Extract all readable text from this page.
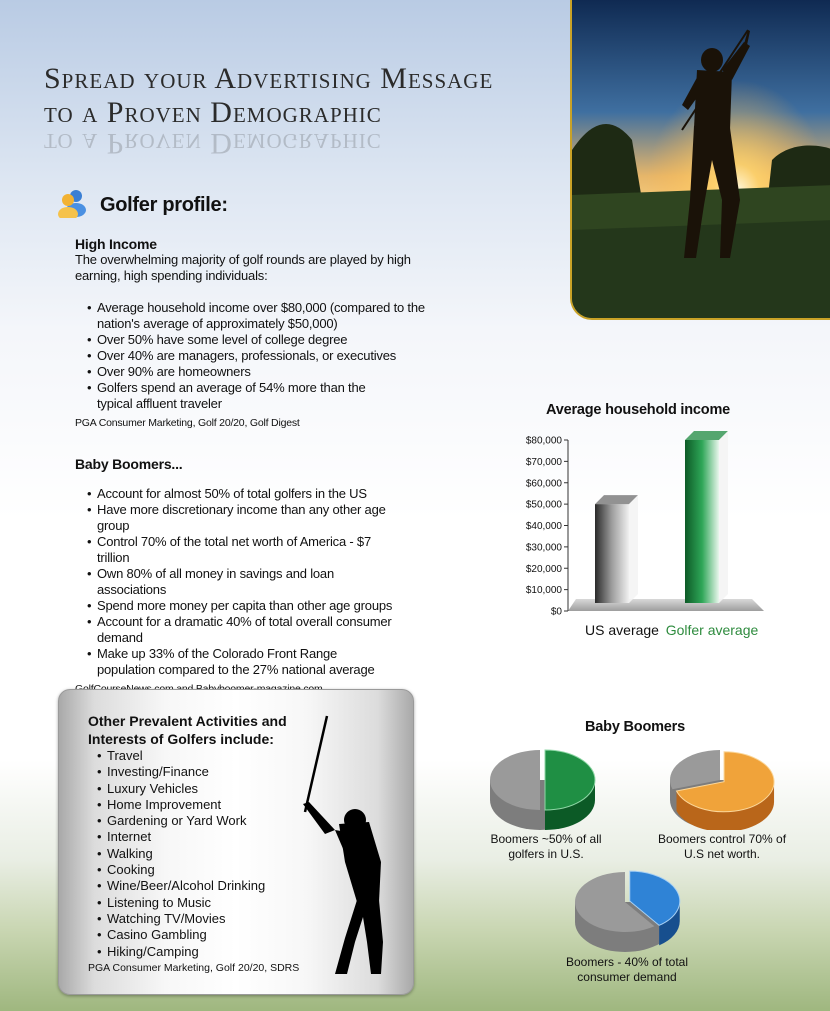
Spread your Advertising Message
to a Proven Demographic
to a Proven Demographic
Golfer profile:
High Income

The overwhelming majority of golf rounds are played by high earning, high spending individuals:

• Average household income over $80,000 (compared to the nation's average of approximately $50,000)
• Over 50% have some level of college degree
• Over 40% are managers, professionals, or executives
• Over 90% are homeowners
• Golfers spend an average of 54% more than the typical affluent traveler
PGA Consumer Marketing, Golf 20/20, Golf Digest
Baby Boomers...
• Account for almost 50% of total golfers in the US
• Have more discretionary income than any other age group
• Control 70% of the total net worth of America - $7 trillion
• Own 80% of all money in savings and loan associations
• Spend more money per capita than other age groups
• Account for a dramatic 40% of total overall consumer demand
• Make up 33% of the Colorado Front Range population compared to the 27% national average
Other Prevalent Activities and Interests of Golfers include:
• Travel
• Investing/Finance
• Luxury Vehicles
• Home Improvement
• Gardening or Yard Work
• Internet
• Walking
• Cooking
• Wine/Beer/Alcohol Drinking
• Listening to Music
• Watching TV/Movies
• Casino Gambling
• Hiking/Camping
PGA Consumer Marketing, Golf 20/20, SDRS
Average household income
$0
$10,000
$20,000
$30,000
$40,000
$50,000
$60,000
$70,000
$80,000
US average Golfer average
Baby Boomers
Boomers ~50% of all golfers in U.S.
Boomers control 70% of U.S net worth.
Boomers - 40% of total consumer demand
